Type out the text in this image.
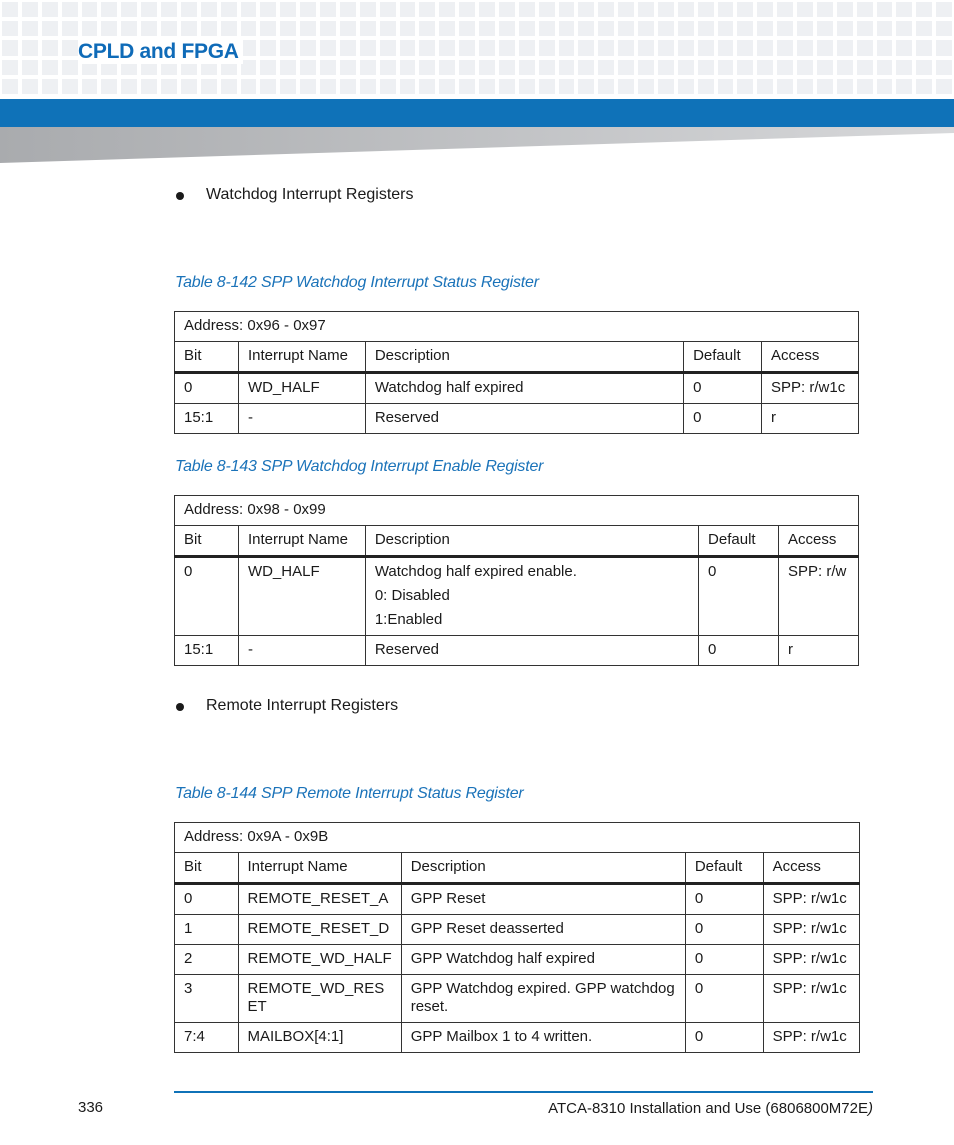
CPLD and FPGA
Watchdog Interrupt Registers
Table 8-142 SPP Watchdog Interrupt Status Register
Address: 0x96 - 0x97				
Bit	Interrupt Name	Description	Default	Access
0	WD_HALF	Watchdog half expired	0	SPP: r/w1c
15:1	-	Reserved	0	r
Table 8-143 SPP Watchdog Interrupt Enable Register
Address: 0x98 - 0x99				
Bit	Interrupt Name	Description	Default	Access
0	WD_HALF	Watchdog half expired enable.

0: Disabled

1:Enabled	0	SPP: r/w
15:1	-	Reserved	0	r
Remote Interrupt Registers
Table 8-144 SPP Remote Interrupt Status Register
Address: 0x9A - 0x9B				
Bit	Interrupt Name	Description	Default	Access
0	REMOTE_RESET_A	GPP Reset	0	SPP: r/w1c
1	REMOTE_RESET_D	GPP Reset deasserted	0	SPP: r/w1c
2	REMOTE_WD_HALF	GPP Watchdog half expired	0	SPP: r/w1c
3	REMOTE_WD_RESET	GPP Watchdog expired. GPP watchdog reset.	0	SPP: r/w1c
7:4	MAILBOX[4:1]	GPP Mailbox 1 to 4 written.	0	SPP: r/w1c
336	ATCA-8310 Installation and Use (6806800M72E)
